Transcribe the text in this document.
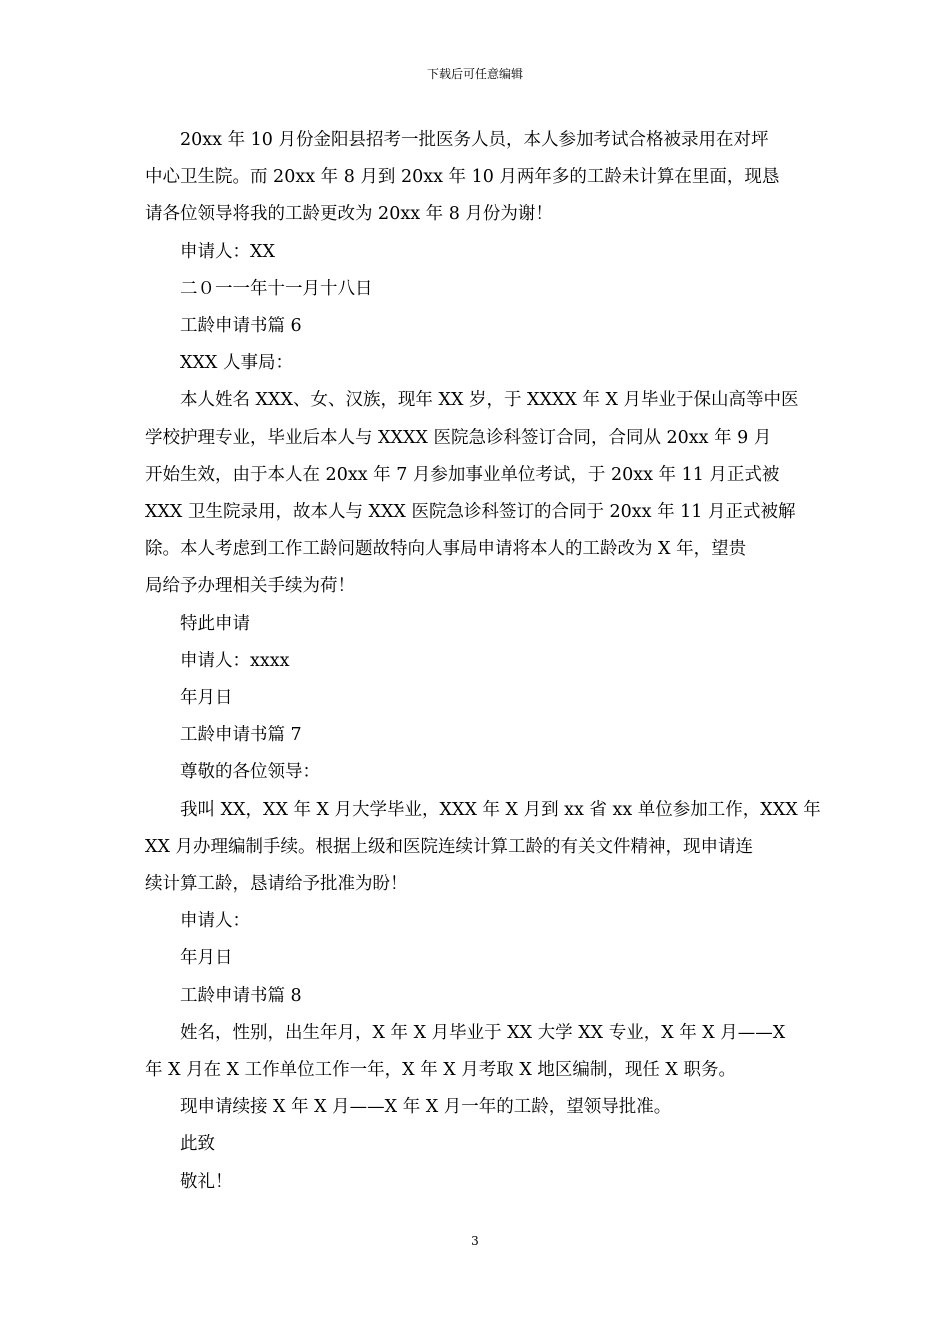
下载后可任意编辑
20xx 年 10 月份金阳县招考一批医务人员，本人参加考试合格被录用在对坪
中心卫生院。而 20xx 年 8 月到 20xx 年 10 月两年多的工龄未计算在里面，现恳
请各位领导将我的工龄更改为 20xx 年 8 月份为谢！
申请人：XX
二０一一年十一月十八日
工龄申请书篇 6
XXX 人事局：
本人姓名 XXX、女、汉族，现年 XX 岁，于 XXXX 年 X 月毕业于保山高等中医
学校护理专业，毕业后本人与 XXXX 医院急诊科签订合同，合同从 20xx 年 9 月
开始生效，由于本人在 20xx 年 7 月参加事业单位考试，于 20xx 年 11 月正式被
XXX 卫生院录用，故本人与 XXX 医院急诊科签订的合同于 20xx 年 11 月正式被解
除。本人考虑到工作工龄问题故特向人事局申请将本人的工龄改为 X 年，望贵
局给予办理相关手续为荷！
特此申请
申请人：xxxx
年月日
工龄申请书篇 7
尊敬的各位领导：
我叫 XX，XX 年 X 月大学毕业，XXX 年 X 月到 xx 省 xx 单位参加工作，XXX 年
XX 月办理编制手续。根据上级和医院连续计算工龄的有关文件精神，现申请连
续计算工龄，恳请给予批准为盼！
申请人：
年月日
工龄申请书篇 8
姓名，性别，出生年月，X 年 X 月毕业于 XX 大学 XX 专业，X 年 X 月——X
年 X 月在 X 工作单位工作一年，X 年 X 月考取 X 地区编制，现任 X 职务。
现申请续接 X 年 X 月——X 年 X 月一年的工龄，望领导批准。
此致
敬礼！
3
